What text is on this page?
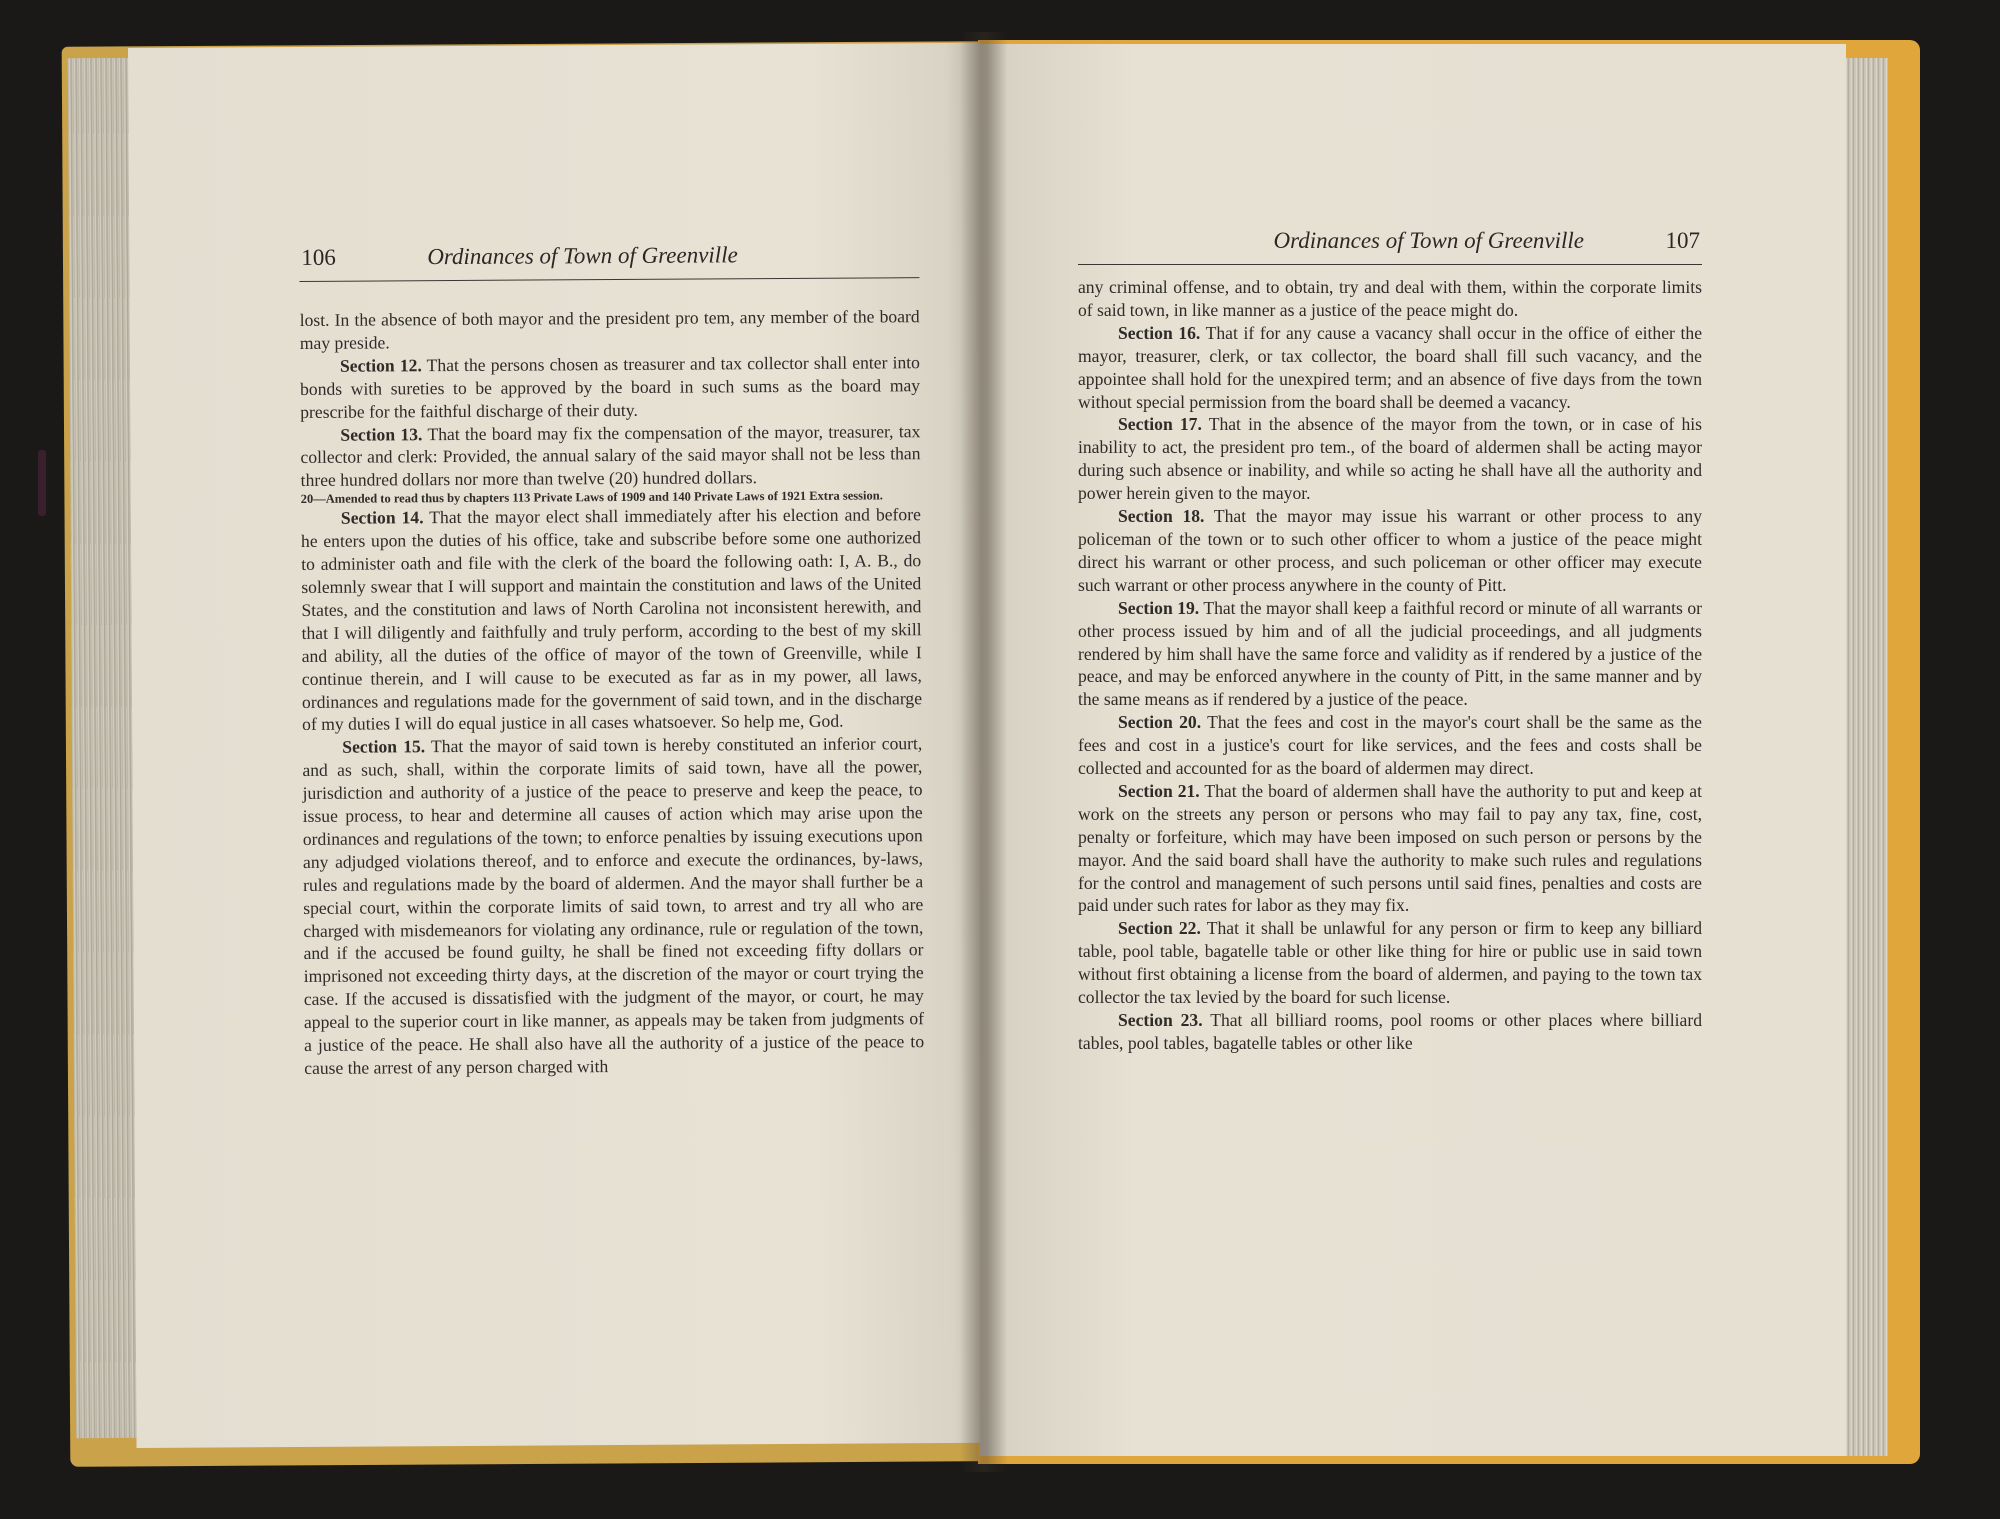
106	Ordinances of Town of Greenville

lost. In the absence of both mayor and the president pro tem, any member of the board may preside.

Section 12. That the persons chosen as treasurer and tax collector shall enter into bonds with sureties to be approved by the board in such sums as the board may prescribe for the faithful discharge of their duty.

Section 13. That the board may fix the compensation of the mayor, treasurer, tax collector and clerk: Provided, the annual salary of the said mayor shall not be less than three hundred dollars nor more than twelve (20) hundred dollars.

20—Amended to read thus by chapters 113 Private Laws of 1909 and 140 Private Laws of 1921 Extra session.

Section 14. That the mayor elect shall immediately after his election and before he enters upon the duties of his office, take and subscribe before some one authorized to administer oath and file with the clerk of the board the following oath: I, A. B., do solemnly swear that I will support and maintain the constitution and laws of the United States, and the constitution and laws of North Carolina not inconsistent herewith, and that I will diligently and faithfully and truly perform, according to the best of my skill and ability, all the duties of the office of mayor of the town of Greenville, while I continue therein, and I will cause to be executed as far as in my power, all laws, ordinances and regulations made for the government of said town, and in the discharge of my duties I will do equal justice in all cases whatsoever. So help me, God.

Section 15. That the mayor of said town is hereby constituted an inferior court, and as such, shall, within the corporate limits of said town, have all the power, jurisdiction and authority of a justice of the peace to preserve and keep the peace, to issue process, to hear and determine all causes of action which may arise upon the ordinances and regulations of the town; to enforce penalties by issuing executions upon any adjudged violations thereof, and to enforce and execute the ordinances, by-laws, rules and regulations made by the board of aldermen. And the mayor shall further be a special court, within the corporate limits of said town, to arrest and try all who are charged with misdemeanors for violating any ordinance, rule or regulation of the town, and if the accused be found guilty, he shall be fined not exceeding fifty dollars or imprisoned not exceeding thirty days, at the discretion of the mayor or court trying the case. If the accused is dissatisfied with the judgment of the mayor, or court, he may appeal to the superior court in like manner, as appeals may be taken from judgments of a justice of the peace. He shall also have all the authority of a justice of the peace to cause the arrest of any person charged with

Ordinances of Town of Greenville	107

any criminal offense, and to obtain, try and deal with them, within the corporate limits of said town, in like manner as a justice of the peace might do.

Section 16. That if for any cause a vacancy shall occur in the office of either the mayor, treasurer, clerk, or tax collector, the board shall fill such vacancy, and the appointee shall hold for the unexpired term; and an absence of five days from the town without special permission from the board shall be deemed a vacancy.

Section 17. That in the absence of the mayor from the town, or in case of his inability to act, the president pro tem., of the board of aldermen shall be acting mayor during such absence or inability, and while so acting he shall have all the authority and power herein given to the mayor.

Section 18. That the mayor may issue his warrant or other process to any policeman of the town or to such other officer to whom a justice of the peace might direct his warrant or other process, and such policeman or other officer may execute such warrant or other process anywhere in the county of Pitt.

Section 19. That the mayor shall keep a faithful record or minute of all warrants or other process issued by him and of all the judicial proceedings, and all judgments rendered by him shall have the same force and validity as if rendered by a justice of the peace, and may be enforced anywhere in the county of Pitt, in the same manner and by the same means as if rendered by a justice of the peace.

Section 20. That the fees and cost in the mayor's court shall be the same as the fees and cost in a justice's court for like services, and the fees and costs shall be collected and accounted for as the board of aldermen may direct.

Section 21. That the board of aldermen shall have the authority to put and keep at work on the streets any person or persons who may fail to pay any tax, fine, cost, penalty or forfeiture, which may have been imposed on such person or persons by the mayor. And the said board shall have the authority to make such rules and regulations for the control and management of such persons until said fines, penalties and costs are paid under such rates for labor as they may fix.

Section 22. That it shall be unlawful for any person or firm to keep any billiard table, pool table, bagatelle table or other like thing for hire or public use in said town without first obtaining a license from the board of aldermen, and paying to the town tax collector the tax levied by the board for such license.

Section 23. That all billiard rooms, pool rooms or other places where billiard tables, pool tables, bagatelle tables or other like
